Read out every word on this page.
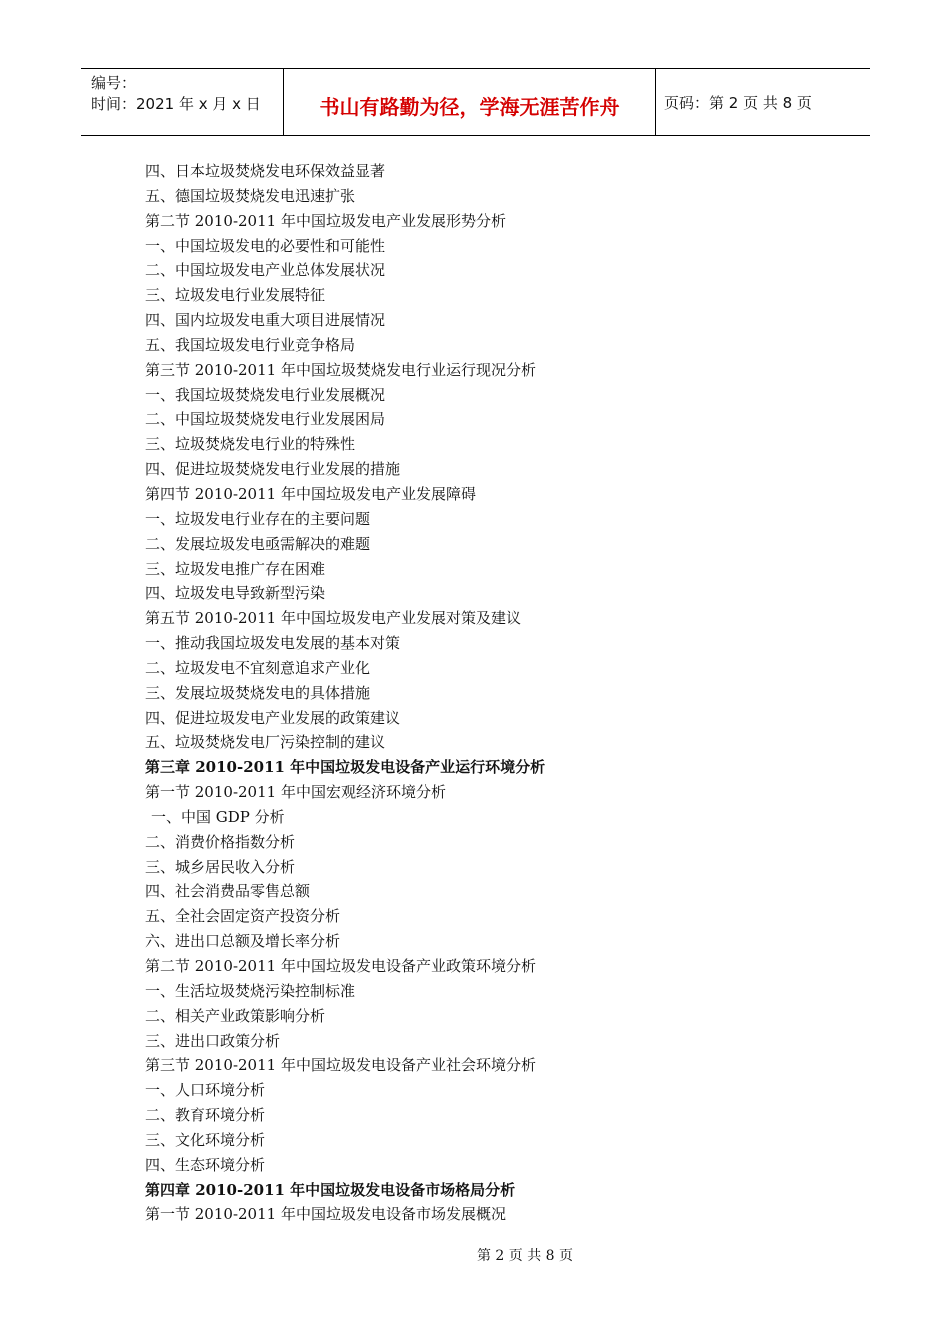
编号：
时间：2021 年 x 月 x 日	书山有路勤为径，学海无涯苦作舟	页码：第 2 页 共 8 页
四、日本垃圾焚烧发电环保效益显著
五、德国垃圾焚烧发电迅速扩张
第二节 2010-2011 年中国垃圾发电产业发展形势分析
一、中国垃圾发电的必要性和可能性
二、中国垃圾发电产业总体发展状况
三、垃圾发电行业发展特征
四、国内垃圾发电重大项目进展情况
五、我国垃圾发电行业竞争格局
第三节 2010-2011 年中国垃圾焚烧发电行业运行现况分析
一、我国垃圾焚烧发电行业发展概况
二、中国垃圾焚烧发电行业发展困局
三、垃圾焚烧发电行业的特殊性
四、促进垃圾焚烧发电行业发展的措施
第四节 2010-2011 年中国垃圾发电产业发展障碍
一、垃圾发电行业存在的主要问题
二、发展垃圾发电亟需解决的难题
三、垃圾发电推广存在困难
四、垃圾发电导致新型污染
第五节 2010-2011 年中国垃圾发电产业发展对策及建议
一、推动我国垃圾发电发展的基本对策
二、垃圾发电不宜刻意追求产业化
三、发展垃圾焚烧发电的具体措施
四、促进垃圾发电产业发展的政策建议
五、垃圾焚烧发电厂污染控制的建议
第三章 2010-2011 年中国垃圾发电设备产业运行环境分析
第一节 2010-2011 年中国宏观经济环境分析
一、中国 GDP 分析
二、消费价格指数分析
三、城乡居民收入分析
四、社会消费品零售总额
五、全社会固定资产投资分析
六、进出口总额及增长率分析
第二节 2010-2011 年中国垃圾发电设备产业政策环境分析
一、生活垃圾焚烧污染控制标准
二、相关产业政策影响分析
三、进出口政策分析
第三节 2010-2011 年中国垃圾发电设备产业社会环境分析
一、人口环境分析
二、教育环境分析
三、文化环境分析
四、生态环境分析
第四章 2010-2011 年中国垃圾发电设备市场格局分析
第一节 2010-2011 年中国垃圾发电设备市场发展概况
第 2 页 共 8 页
